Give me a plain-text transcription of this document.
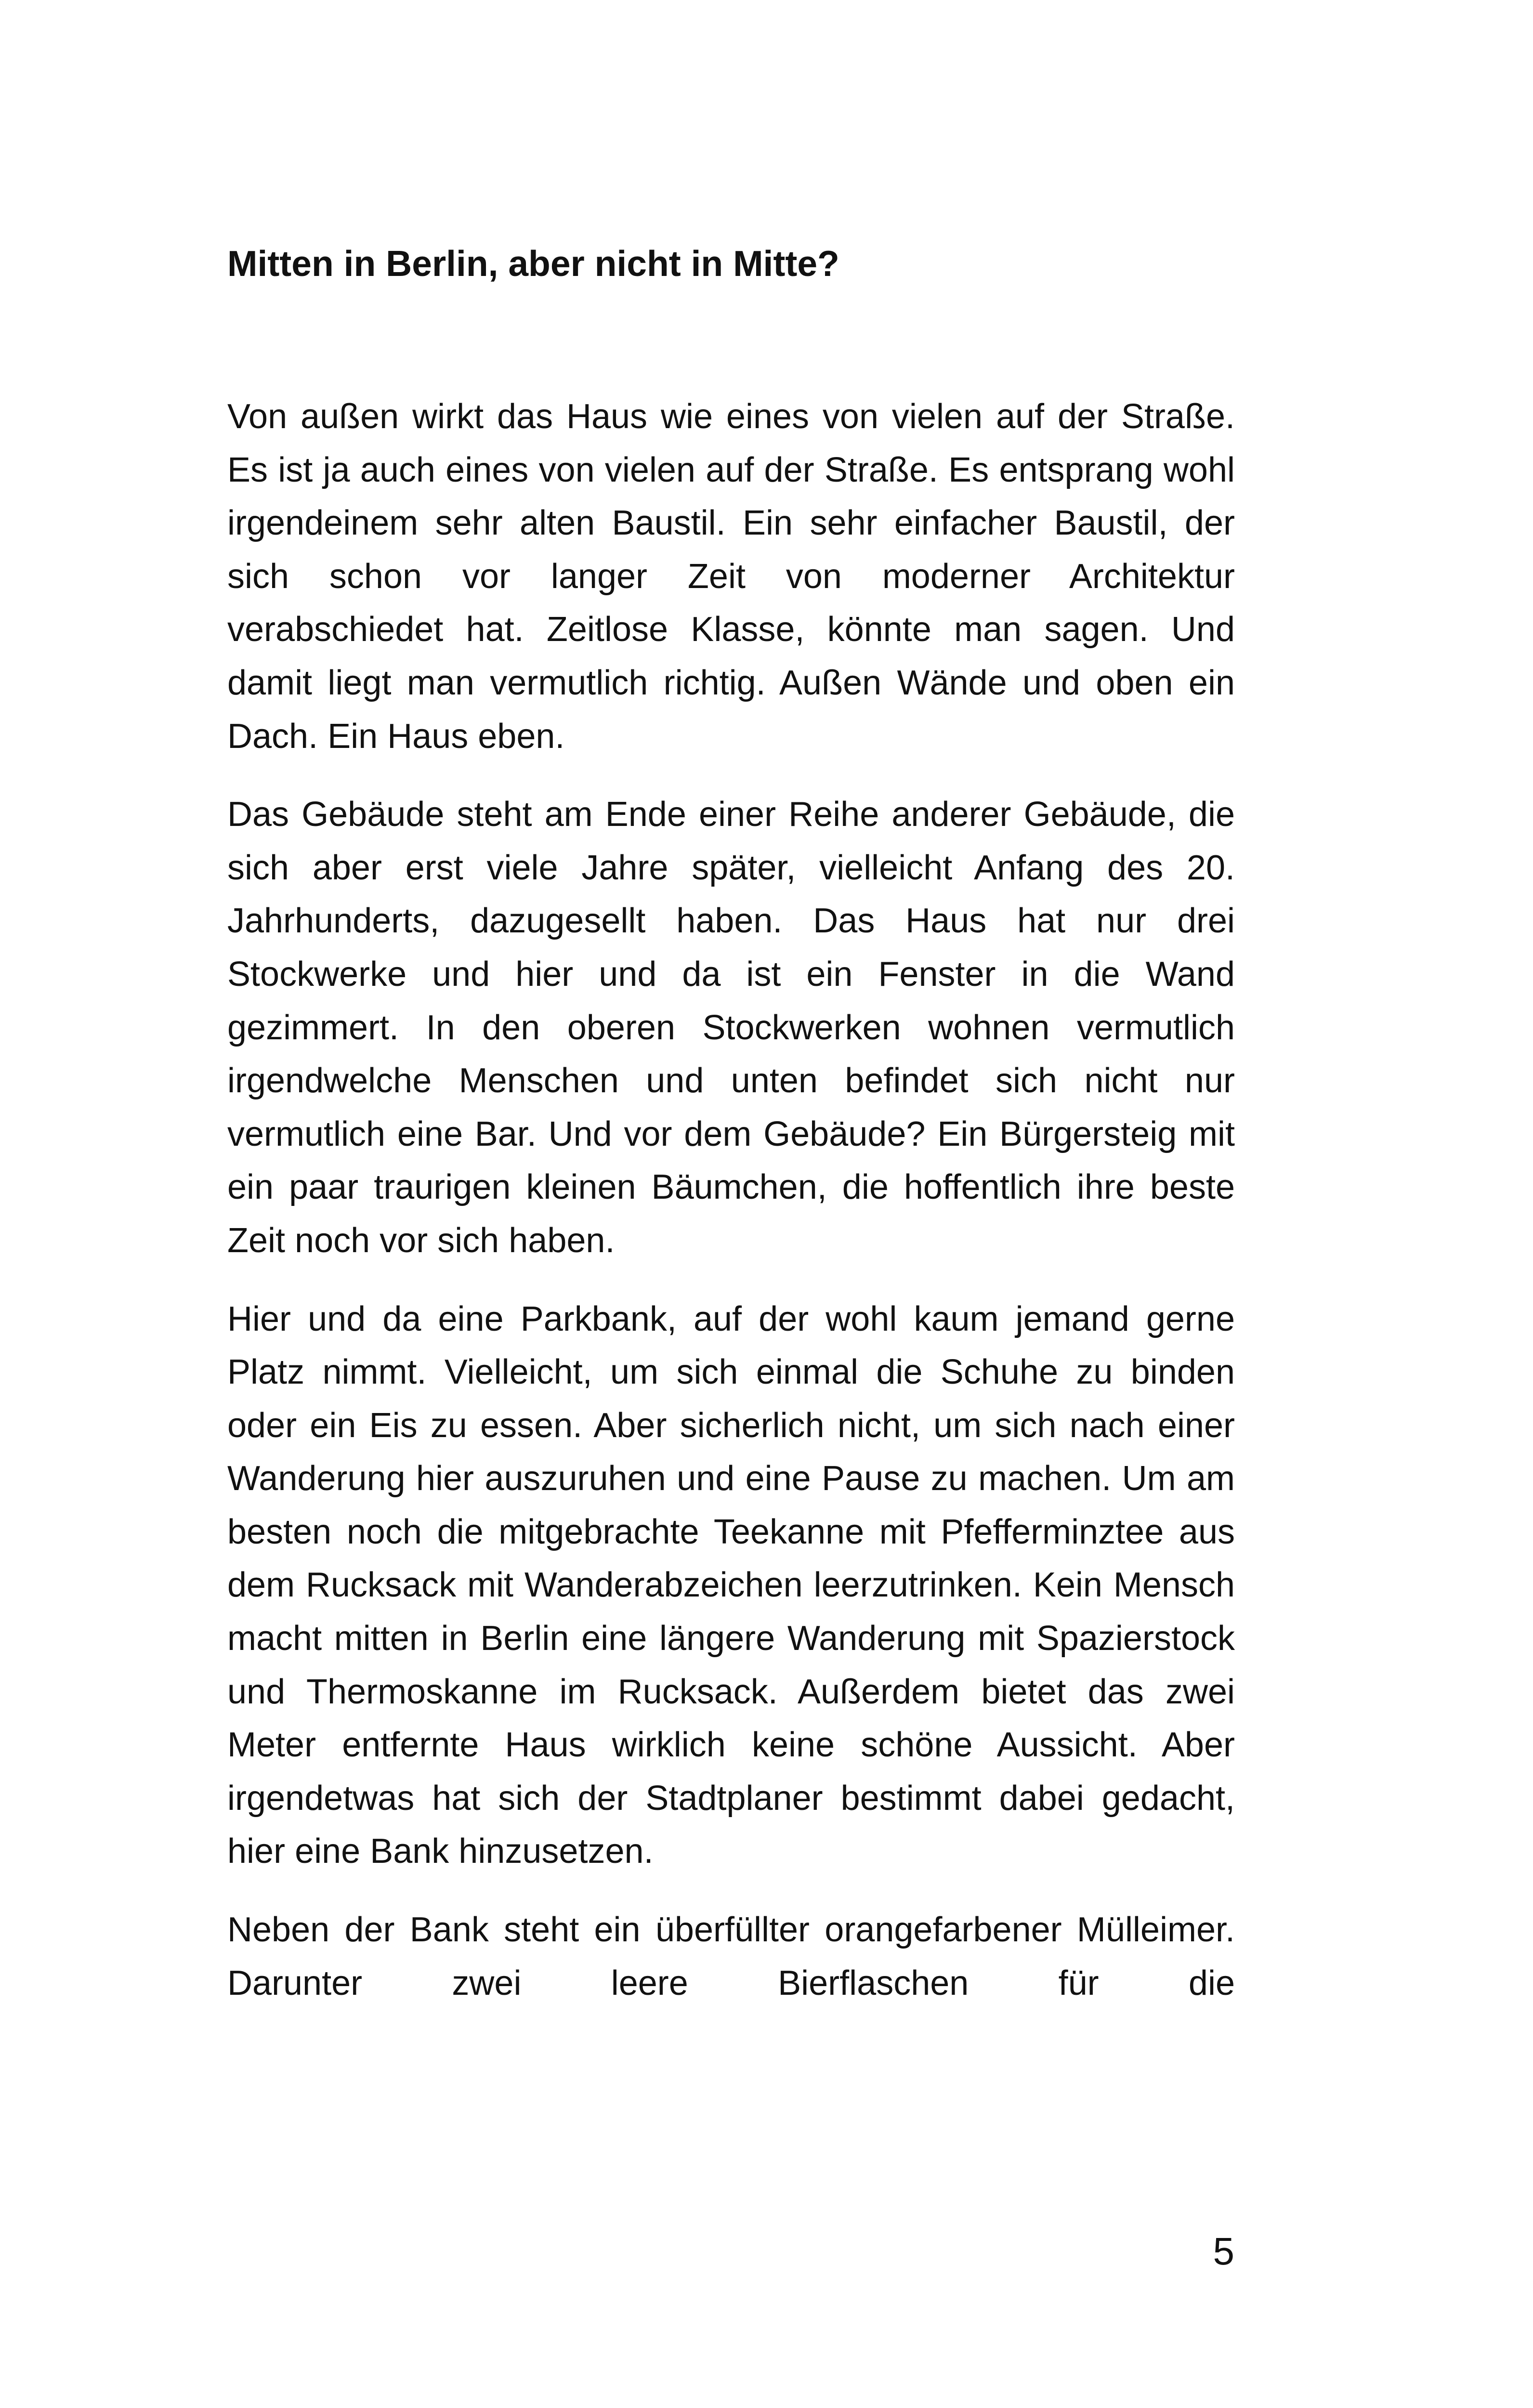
Mitten in Berlin, aber nicht in Mitte?

Von außen wirkt das Haus wie eines von vielen auf der Straße. Es ist ja auch eines von vielen auf der Straße. Es entsprang wohl irgendeinem sehr alten Baustil. Ein sehr einfacher Baustil, der sich schon vor langer Zeit von moderner Architektur verabschiedet hat. Zeitlose Klasse, könnte man sagen. Und damit liegt man vermutlich richtig. Außen Wände und oben ein Dach. Ein Haus eben.

Das Gebäude steht am Ende einer Reihe anderer Gebäude, die sich aber erst viele Jahre später, vielleicht Anfang des 20. Jahrhunderts, dazugesellt haben. Das Haus hat nur drei Stockwerke und hier und da ist ein Fenster in die Wand gezimmert. In den oberen Stockwerken wohnen vermutlich irgendwelche Menschen und unten befindet sich nicht nur vermutlich eine Bar. Und vor dem Gebäude? Ein Bürgersteig mit ein paar traurigen kleinen Bäumchen, die hoffentlich ihre beste Zeit noch vor sich haben.

Hier und da eine Parkbank, auf der wohl kaum jemand gerne Platz nimmt. Vielleicht, um sich einmal die Schuhe zu binden oder ein Eis zu essen. Aber sicherlich nicht, um sich nach einer Wanderung hier auszuruhen und eine Pause zu machen. Um am besten noch die mitgebrachte Teekanne mit Pfefferminztee aus dem Rucksack mit Wanderabzeichen leerzutrinken. Kein Mensch macht mitten in Berlin eine längere Wanderung mit Spazierstock und Thermoskanne im Rucksack. Außerdem bietet das zwei Meter entfernte Haus wirklich keine schöne Aussicht. Aber irgendetwas hat sich der Stadtplaner bestimmt dabei gedacht, hier eine Bank hinzusetzen.

Neben der Bank steht ein überfüllter orangefarbener Mülleimer. Darunter zwei leere Bierflaschen für die

5
